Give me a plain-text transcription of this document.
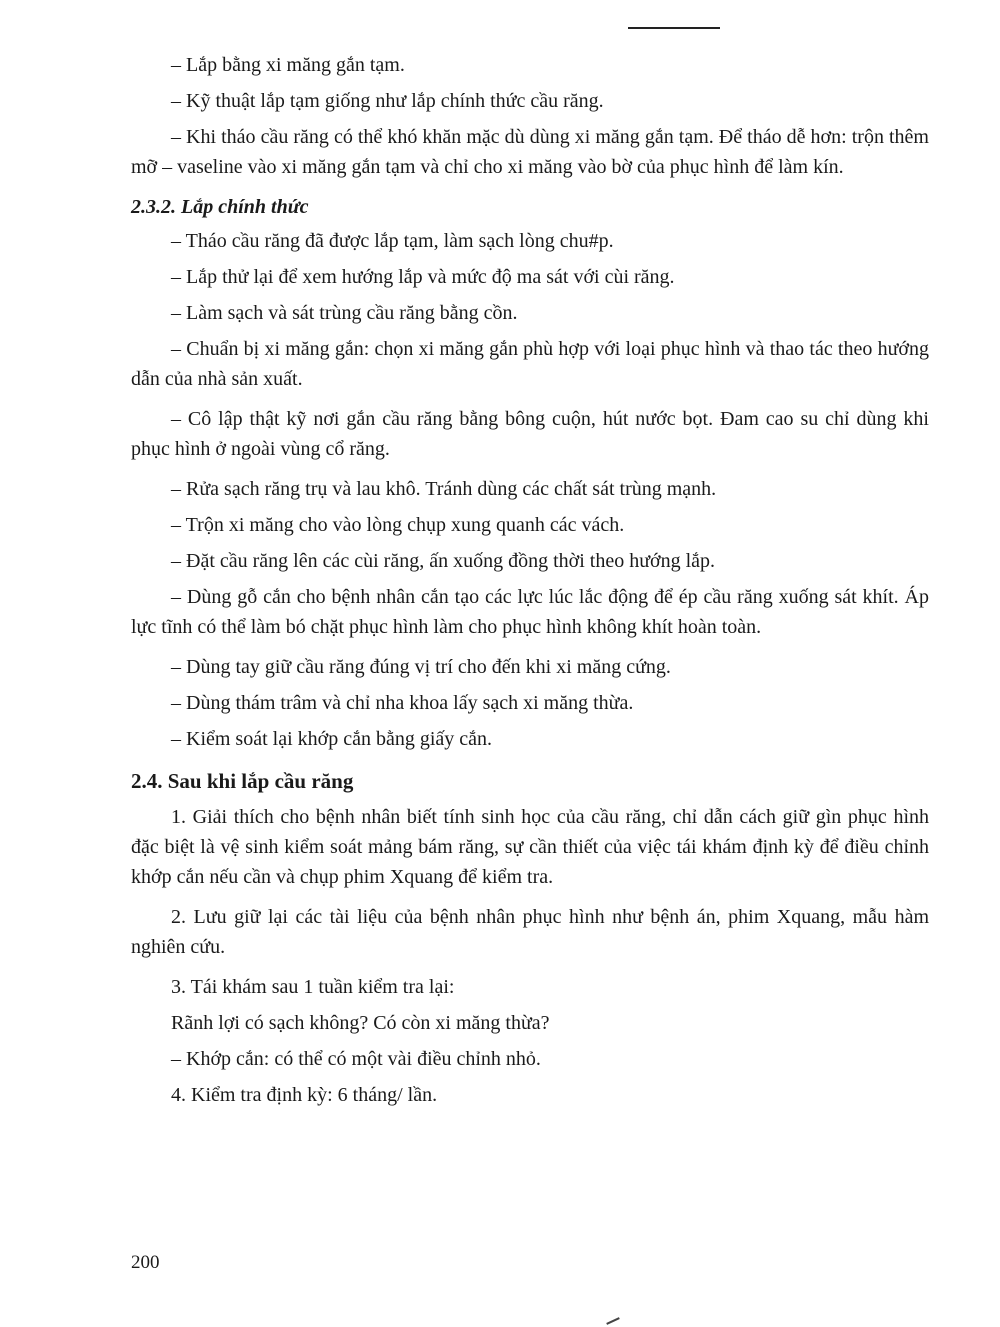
– Lắp bằng xi măng gắn tạm.

– Kỹ thuật lắp tạm giống như lắp chính thức cầu răng.

– Khi tháo cầu răng có thể khó khăn mặc dù dùng xi măng gắn tạm. Để tháo dễ hơn: trộn thêm mỡ – vaseline vào xi măng gắn tạm và chỉ cho xi măng vào bờ của phục hình để làm kín.

2.3.2. Lắp chính thức

– Tháo cầu răng đã được lắp tạm, làm sạch lòng chu#p.

– Lắp thử lại để xem hướng lắp và mức độ ma sát với cùi răng.

– Làm sạch và sát trùng cầu răng bằng cồn.

– Chuẩn bị xi măng gắn: chọn xi măng gắn phù hợp với loại phục hình và thao tác theo hướng dẫn của nhà sản xuất.

– Cô lập thật kỹ nơi gắn cầu răng bằng bông cuộn, hút nước bọt. Đam cao su chỉ dùng khi phục hình ở ngoài vùng cổ răng.

– Rửa sạch răng trụ và lau khô. Tránh dùng các chất sát trùng mạnh.

– Trộn xi măng cho vào lòng chụp xung quanh các vách.

– Đặt cầu răng lên các cùi răng, ấn xuống đồng thời theo hướng lắp.

– Dùng gỗ cắn cho bệnh nhân cắn tạo các lực lúc lắc động để ép cầu răng xuống sát khít. Áp lực tĩnh có thể làm bó chặt phục hình làm cho phục hình không khít hoàn toàn.

– Dùng tay giữ cầu răng đúng vị trí cho đến khi xi măng cứng.

– Dùng thám trâm và chỉ nha khoa lấy sạch xi măng thừa.

– Kiểm soát lại khớp cắn bằng giấy cắn.

2.4. Sau khi lắp cầu răng

1. Giải thích cho bệnh nhân biết tính sinh học của cầu răng, chỉ dẫn cách giữ gìn phục hình đặc biệt là vệ sinh kiểm soát mảng bám răng, sự cần thiết của việc tái khám định kỳ để điều chỉnh khớp cắn nếu cần và chụp phim Xquang để kiểm tra.

2. Lưu giữ lại các tài liệu của bệnh nhân phục hình như bệnh án, phim Xquang, mẫu hàm nghiên cứu.

3. Tái khám sau 1 tuần kiểm tra lại:

Rãnh lợi có sạch không? Có còn xi măng thừa?

– Khớp cắn: có thể có một vài điều chỉnh nhỏ.

4. Kiểm tra định kỳ: 6 tháng/ lần.

200
